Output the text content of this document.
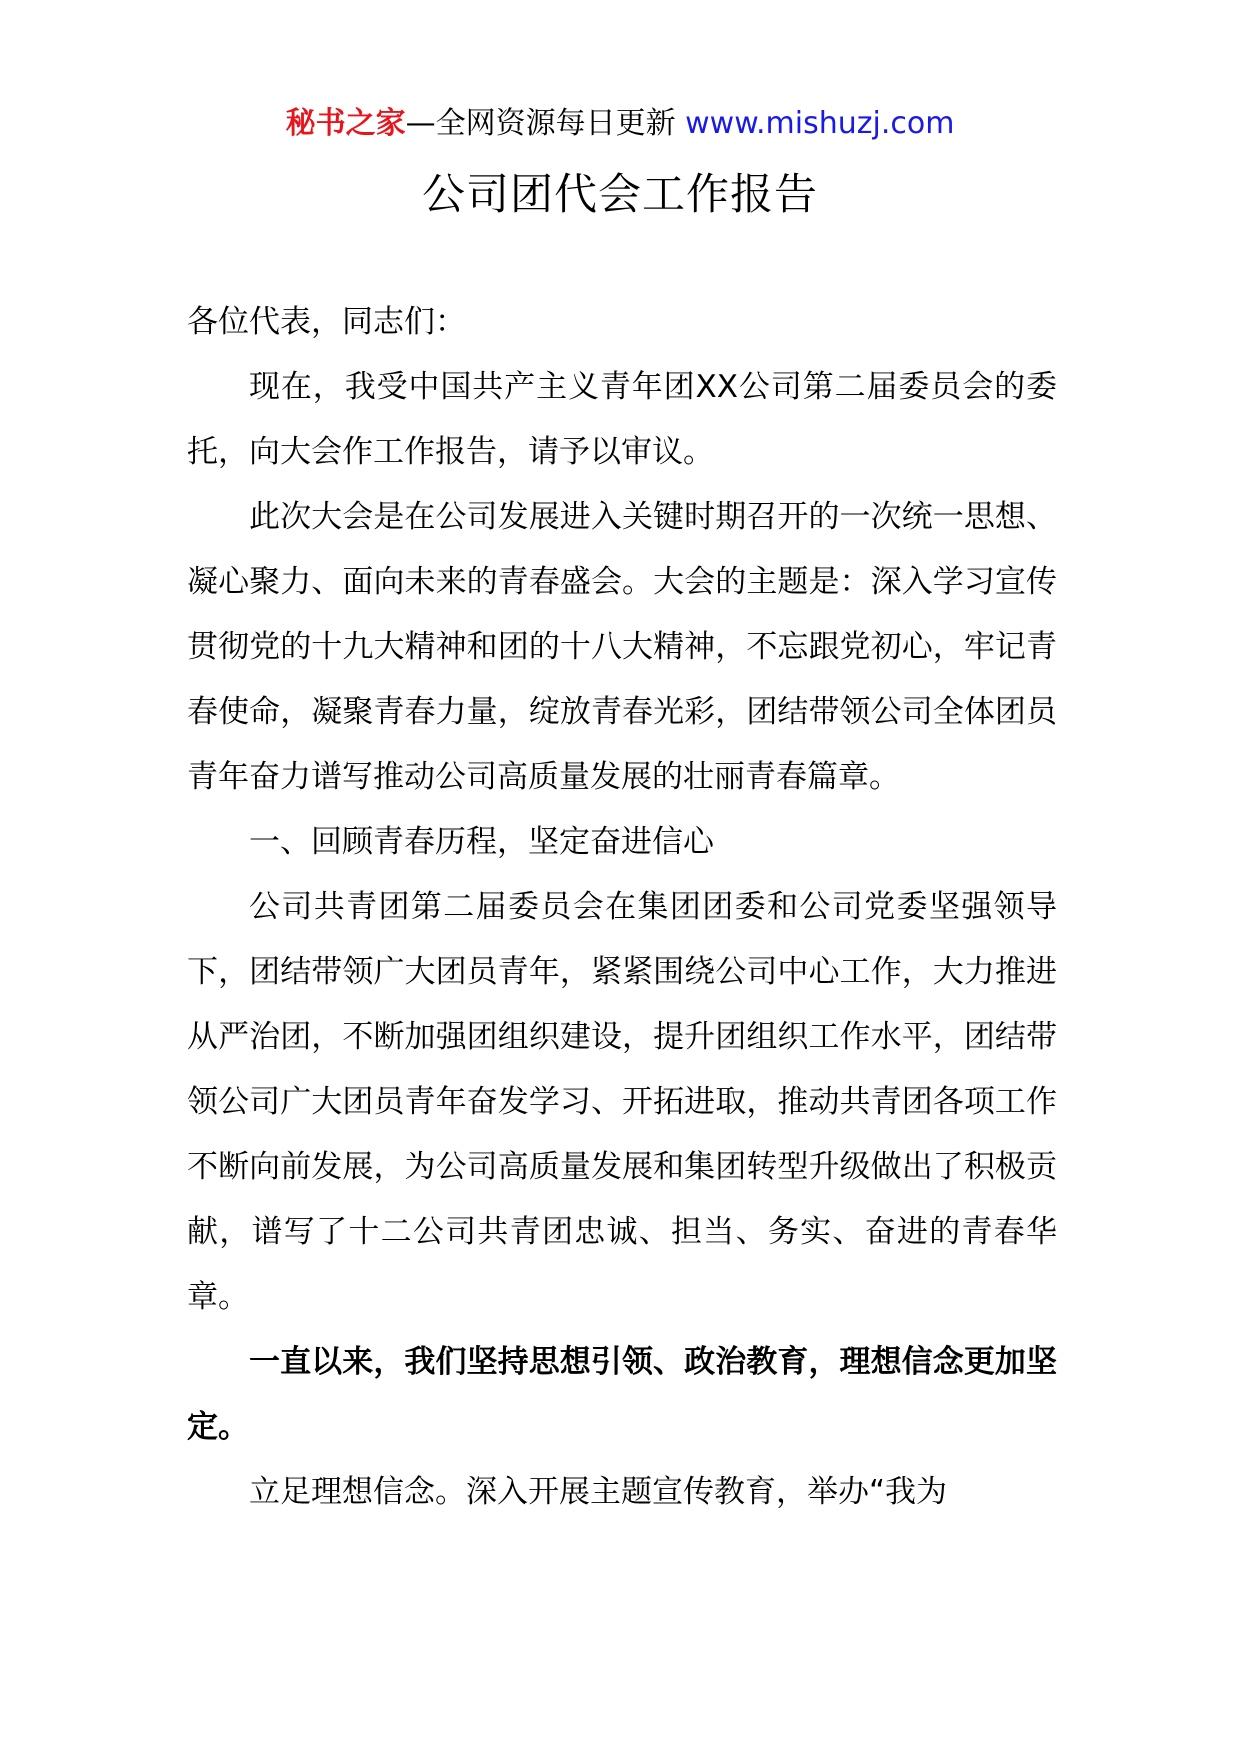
秘书之家—全网资源每日更新 www.mishuzj.com
公司团代会工作报告

各位代表，同志们：

现在，我受中国共产主义青年团XX公司第二届委员会的委托，向大会作工作报告，请予以审议。

此次大会是在公司发展进入关键时期召开的一次统一思想、凝心聚力、面向未来的青春盛会。大会的主题是：深入学习宣传贯彻党的十九大精神和团的十八大精神，不忘跟党初心，牢记青春使命，凝聚青春力量，绽放青春光彩，团结带领公司全体团员青年奋力谱写推动公司高质量发展的壮丽青春篇章。

一、回顾青春历程，坚定奋进信心

公司共青团第二届委员会在集团团委和公司党委坚强领导下，团结带领广大团员青年，紧紧围绕公司中心工作，大力推进从严治团，不断加强团组织建设，提升团组织工作水平，团结带领公司广大团员青年奋发学习、开拓进取，推动共青团各项工作不断向前发展，为公司高质量发展和集团转型升级做出了积极贡献，谱写了十二公司共青团忠诚、担当、务实、奋进的青春华章。

一直以来，我们坚持思想引领、政治教育，理想信念更加坚定。

立足理想信念。深入开展主题宣传教育，举办“我为
